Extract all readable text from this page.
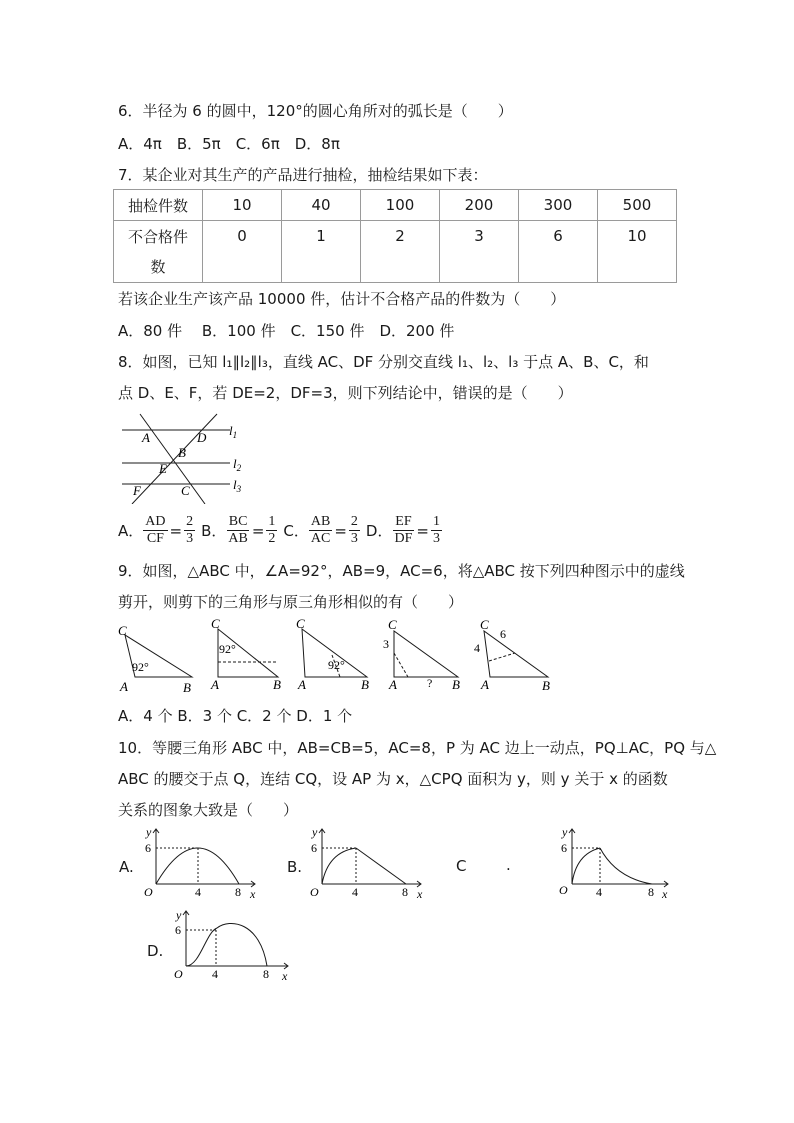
6．半径为 6 的圆中，120°的圆心角所对的弧长是（　　）
A．4π　B．5π　C．6π　D．8π
7．某企业对其生产的产品进行抽检，抽检结果如下表：
抽检件数	10	40	100	200	300	500

不合格件
数	0	1	2	3	6	10
若该企业生产该产品 10000 件，估计不合格产品的件数为（　　）
A．80 件　 B．100 件　C．150 件　D．200 件
8．如图，已知 l₁∥l₂∥l₃，直线 AC、DF 分别交直线 l₁、l₂、l₃ 于点 A、B、C，和
点 D、E、F，若 DE=2，DF=3，则下列结论中，错误的是（　　）
A	D
B
E
F	C
$l_1$
$l_2$
$l_3$
A． $\frac{AD}{CF} = \frac{2}{3}$ B． $\frac{BC}{AB} = \frac{1}{2}$ C． $\frac{AB}{AC} = \frac{2}{3}$ D． $\frac{EF}{DF} = \frac{1}{3}$
9．如图，△ABC 中，∠A=92°，AB=9，AC=6，将△ABC 按下列四种图示中的虚线
剪开，则剪下的三角形与原三角形相似的有（　　）
C
A	B
92°
C
A	B
92°
C
A	B
92°
C
A	B
3
?
C
A	B
4
6
A．4 个 B．3 个 C．2 个 D．1 个
10．等腰三角形 ABC 中，AB=CB=5，AC=8，P 为 AC 边上一动点，PQ⊥AC，PQ 与△
ABC 的腰交于点 Q，连结 CQ，设 AP 为 x，△CPQ 面积为 y，则 y 关于 x 的函数
关系的图象大致是（　　）
A.	B.	C	.
D.
y
6
O	4	8 x
y
6
O	4	8 x
y
6
O 4	8 x
y
6
O 4	8 x
